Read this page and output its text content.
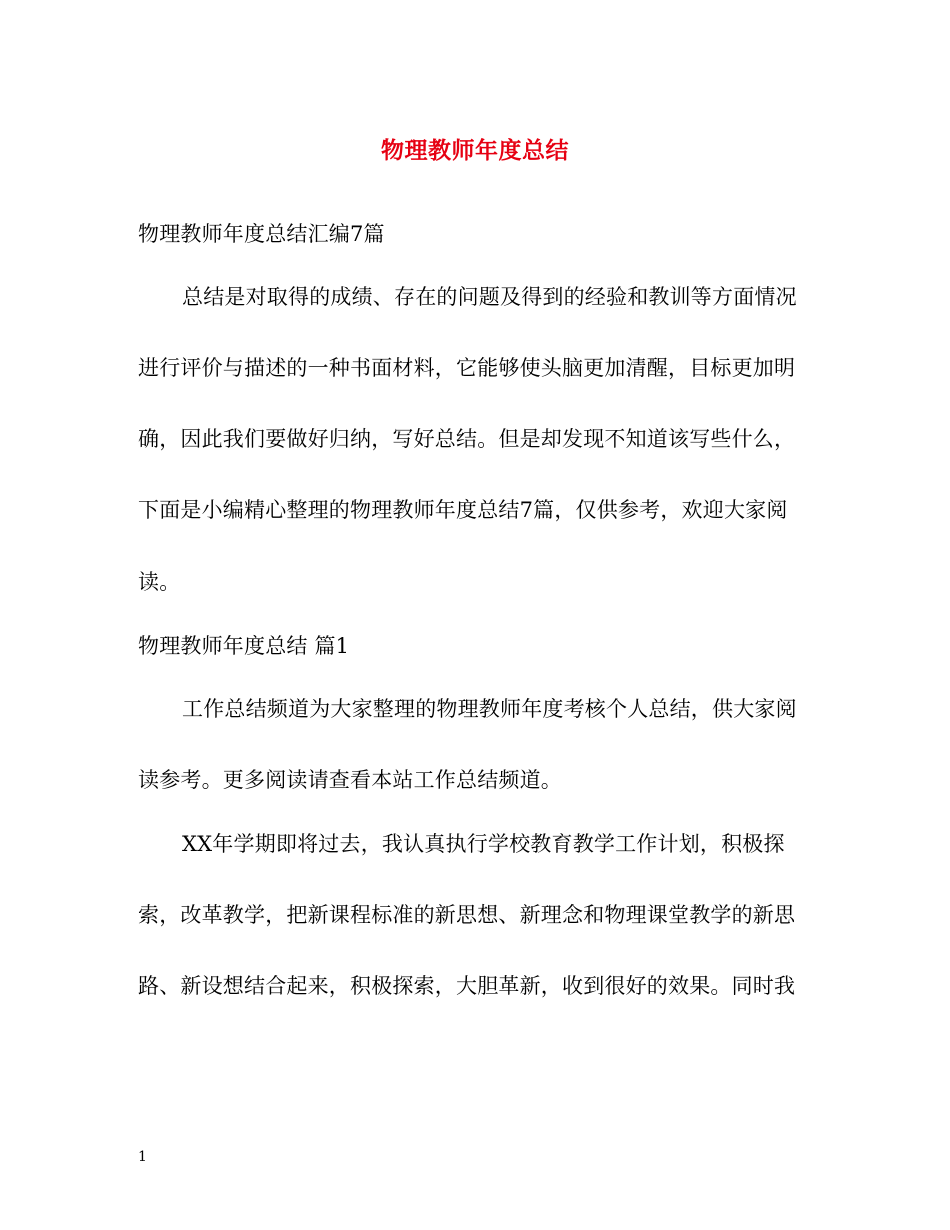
物理教师年度总结
物理教师年度总结汇编7篇
总结是对取得的成绩、存在的问题及得到的经验和教训等方面情况
进行评价与描述的一种书面材料，它能够使头脑更加清醒，目标更加明
确，因此我们要做好归纳，写好总结。但是却发现不知道该写些什么，
下面是小编精心整理的物理教师年度总结7篇，仅供参考，欢迎大家阅
读。
物理教师年度总结 篇1
工作总结频道为大家整理的物理教师年度考核个人总结，供大家阅
读参考。更多阅读请查看本站工作总结频道。
XX年学期即将过去，我认真执行学校教育教学工作计划，积极探
索，改革教学，把新课程标准的新思想、新理念和物理课堂教学的新思
路、新设想结合起来，积极探索，大胆革新，收到很好的效果。同时我
1
